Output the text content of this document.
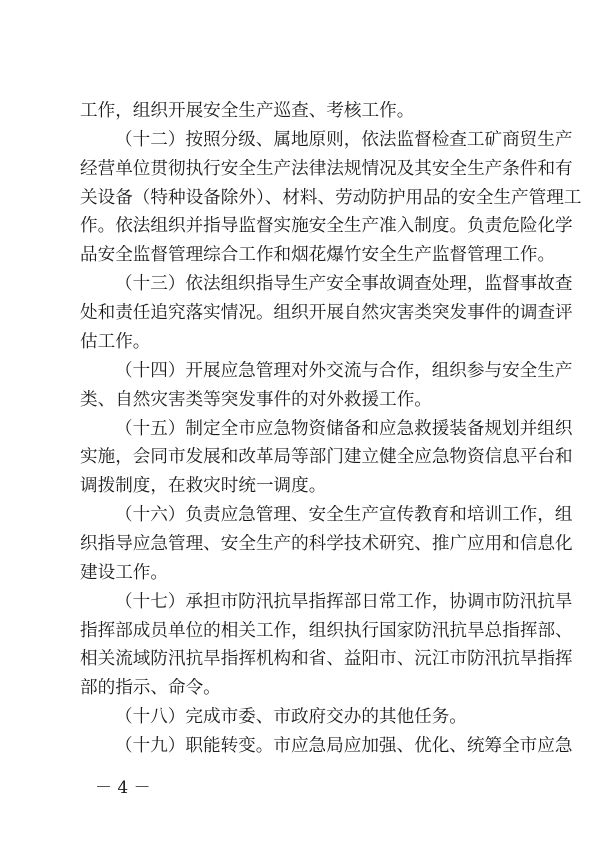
工作，组织开展安全生产巡查、考核工作。
（十二）按照分级、属地原则，依法监督检查工矿商贸生产
经营单位贯彻执行安全生产法律法规情况及其安全生产条件和有
关设备（特种设备除外）、材料、劳动防护用品的安全生产管理工
作。依法组织并指导监督实施安全生产准入制度。负责危险化学
品安全监督管理综合工作和烟花爆竹安全生产监督管理工作。
（十三）依法组织指导生产安全事故调查处理，监督事故查
处和责任追究落实情况。组织开展自然灾害类突发事件的调查评
估工作。
（十四）开展应急管理对外交流与合作，组织参与安全生产
类、自然灾害类等突发事件的对外救援工作。
（十五）制定全市应急物资储备和应急救援装备规划并组织
实施，会同市发展和改革局等部门建立健全应急物资信息平台和
调拨制度，在救灾时统一调度。
（十六）负责应急管理、安全生产宣传教育和培训工作，组
织指导应急管理、安全生产的科学技术研究、推广应用和信息化
建设工作。
（十七）承担市防汛抗旱指挥部日常工作，协调市防汛抗旱
指挥部成员单位的相关工作，组织执行国家防汛抗旱总指挥部、
相关流域防汛抗旱指挥机构和省、益阳市、沅江市防汛抗旱指挥
部的指示、命令。
（十八）完成市委、市政府交办的其他任务。
（十九）职能转变。市应急局应加强、优化、统筹全市应急
－ 4 －
